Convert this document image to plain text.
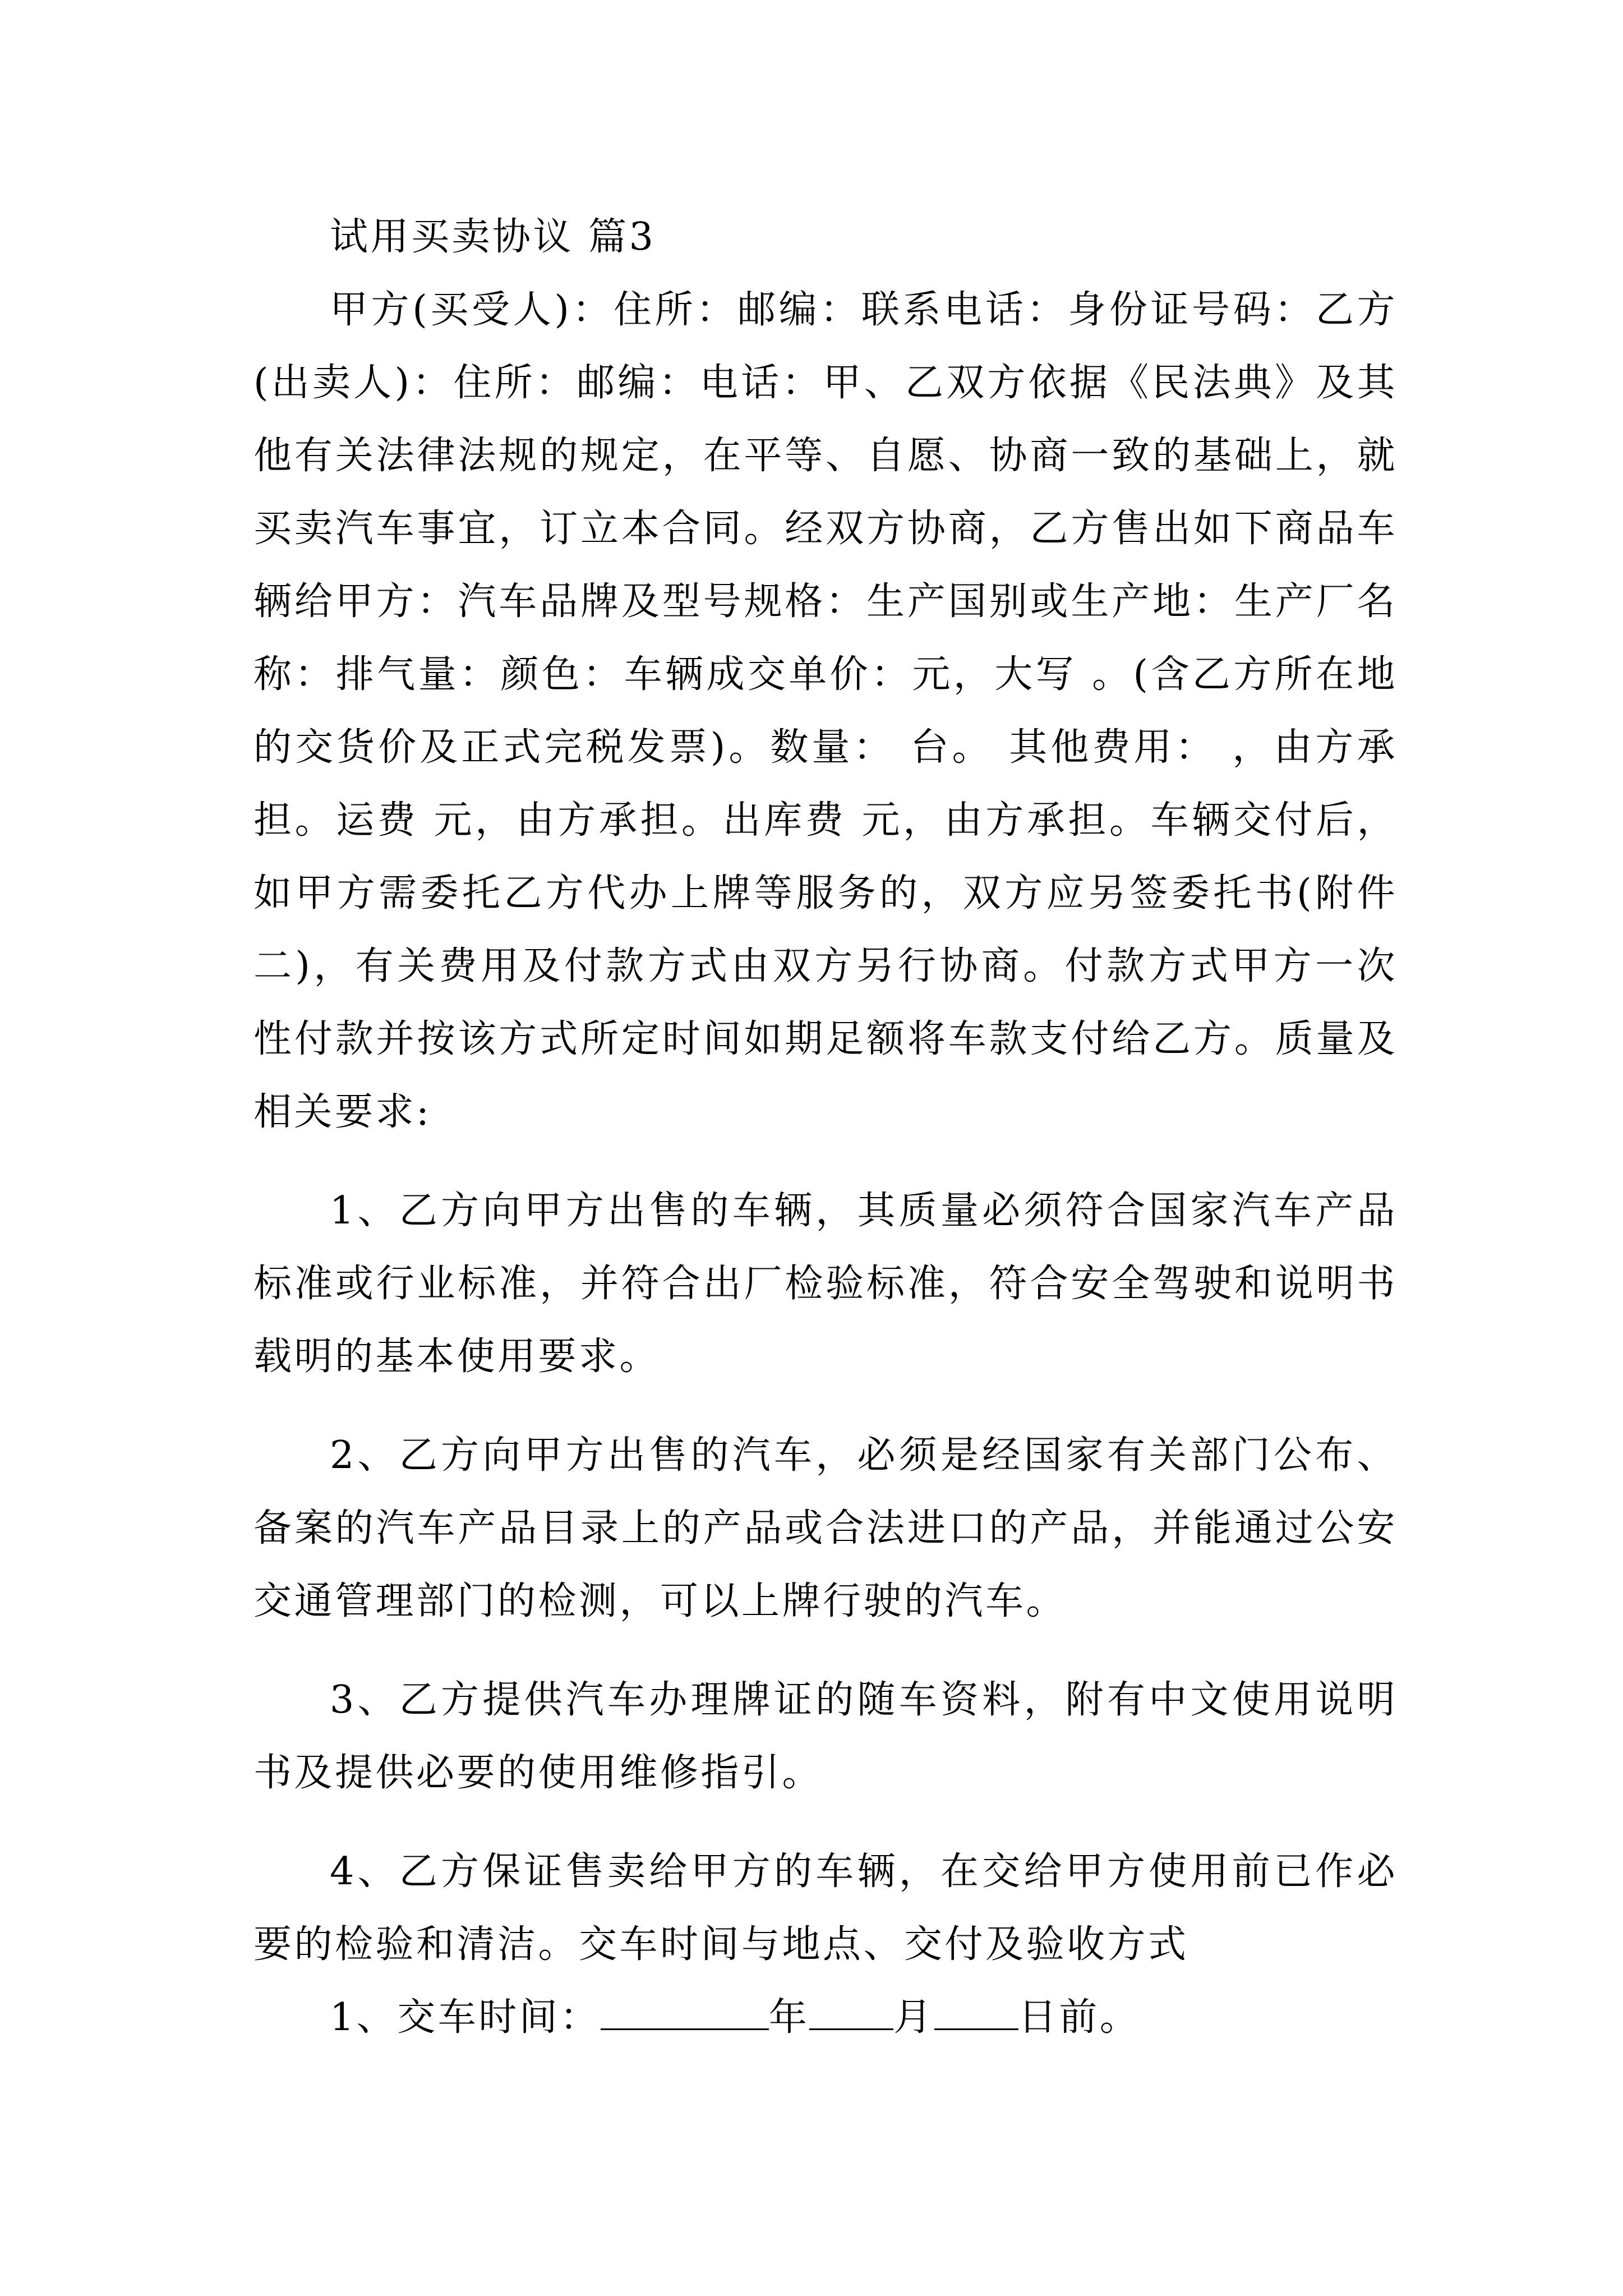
试用买卖协议 篇3

甲方(买受人)：住所：邮编：联系电话：身份证号码：乙方(出卖人)：住所：邮编：电话：甲、乙双方依据《民法典》及其他有关法律法规的规定，在平等、自愿、协商一致的基础上，就买卖汽车事宜，订立本合同。经双方协商，乙方售出如下商品车辆给甲方：汽车品牌及型号规格：生产国别或生产地：生产厂名称：排气量：颜色：车辆成交单价：元，大写 。(含乙方所在地的交货价及正式完税发票)。数量： 台。 其他费用： ，由方承担。运费 元，由方承担。出库费 元，由方承担。车辆交付后，如甲方需委托乙方代办上牌等服务的，双方应另签委托书(附件二)，有关费用及付款方式由双方另行协商。付款方式甲方一次性付款并按该方式所定时间如期足额将车款支付给乙方。质量及相关要求:

1、乙方向甲方出售的车辆，其质量必须符合国家汽车产品标准或行业标准，并符合出厂检验标准，符合安全驾驶和说明书载明的基本使用要求。

2、乙方向甲方出售的汽车，必须是经国家有关部门公布、备案的汽车产品目录上的产品或合法进口的产品，并能通过公安交通管理部门的检测，可以上牌行驶的汽车。

3、乙方提供汽车办理牌证的随车资料，附有中文使用说明书及提供必要的使用维修指引。

4、乙方保证售卖给甲方的车辆，在交给甲方使用前已作必要的检验和清洁。交车时间与地点、交付及验收方式

1、交车时间：	年 月 日前。
